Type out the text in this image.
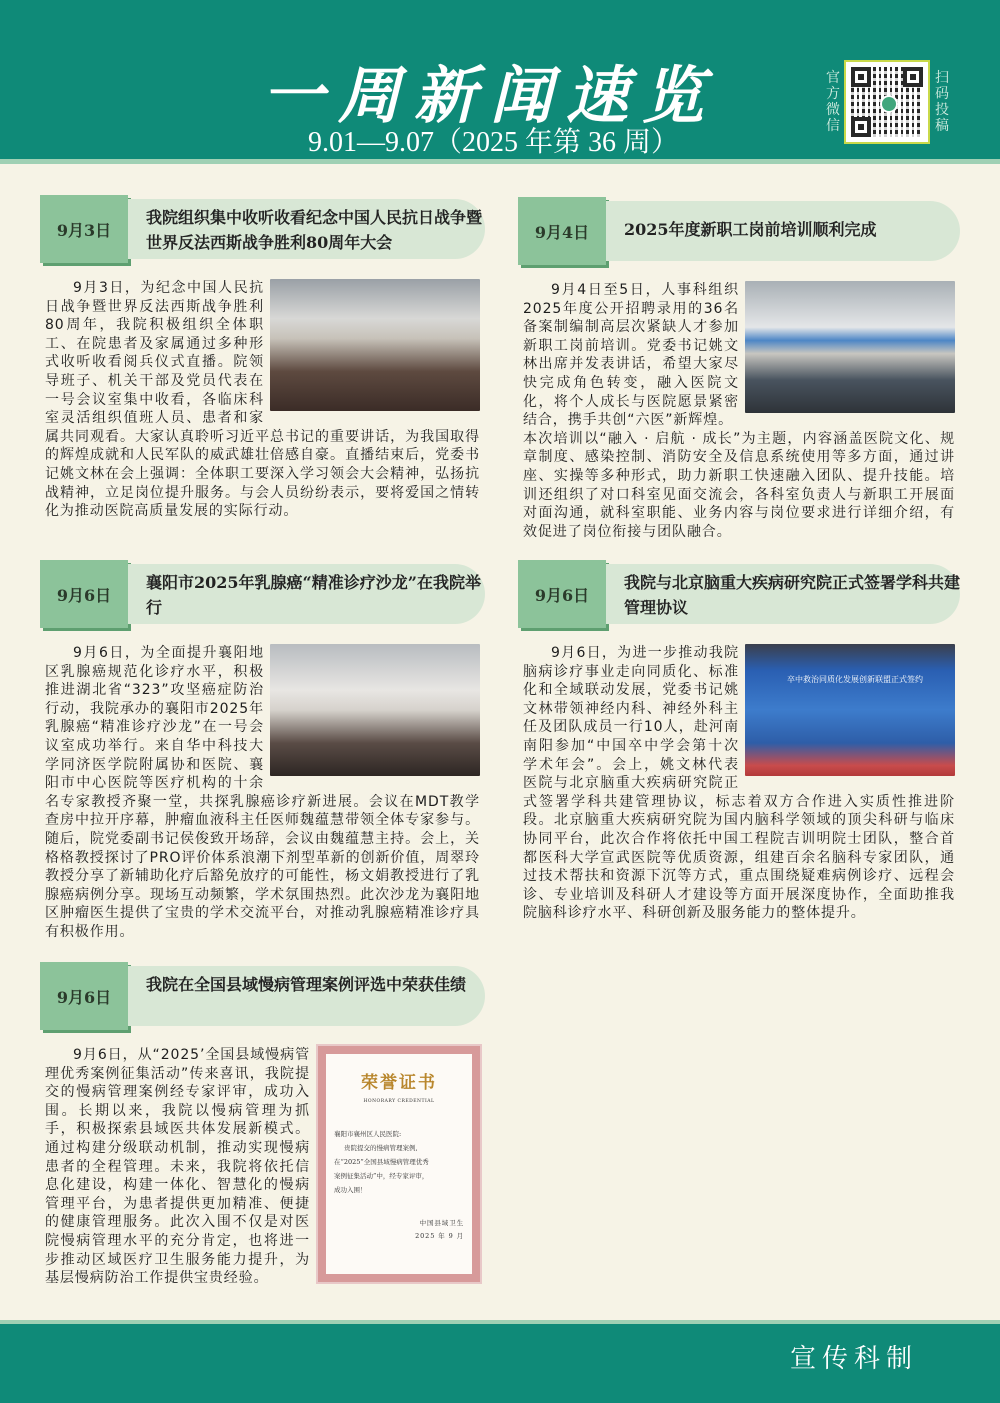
一周新闻速览
9.01—9.07（2025 年第 36 周）
官方微信
扫码投稿
9月3日
我院组织集中收听收看纪念中国人民抗日战争暨世界反法西斯战争胜利80周年大会

9月3日，为纪念中国人民抗日战争暨世界反法西斯战争胜利80周年，我院积极组织全体职工、在院患者及家属通过多种形式收听收看阅兵仪式直播。院领导班子、机关干部及党员代表在一号会议室集中收看，各临床科室灵活组织值班人员、患者和家属共同观看。大家认真聆听习近平总书记的重要讲话，为我国取得的辉煌成就和人民军队的威武雄壮倍感自豪。直播结束后，党委书记姚文林在会上强调：全体职工要深入学习领会大会精神，弘扬抗战精神，立足岗位提升服务。与会人员纷纷表示，要将爱国之情转化为推动医院高质量发展的实际行动。

9月4日	2025年度新职工岗前培训顺利完成

9月4日至5日，人事科组织2025年度公开招聘录用的36名备案制编制高层次紧缺人才参加新职工岗前培训。党委书记姚文林出席并发表讲话，希望大家尽快完成角色转变，融入医院文化，将个人成长与医院愿景紧密结合，携手共创“六医”新辉煌。

本次培训以“融入 · 启航 · 成长”为主题，内容涵盖医院文化、规章制度、感染控制、消防安全及信息系统使用等多方面，通过讲座、实操等多种形式，助力新职工快速融入团队、提升技能。培训还组织了对口科室见面交流会，各科室负责人与新职工开展面对面沟通，就科室职能、业务内容与岗位要求进行详细介绍，有效促进了岗位衔接与团队融合。

9月6日
襄阳市2025年乳腺癌“精准诊疗沙龙”在我院举行

9月6日，为全面提升襄阳地区乳腺癌规范化诊疗水平，积极推进湖北省“323”攻坚癌症防治行动，我院承办的襄阳市2025年乳腺癌“精准诊疗沙龙”在一号会议室成功举行。来自华中科技大学同济医学院附属协和医院、襄阳市中心医院等医疗机构的十余名专家教授齐聚一堂，共探乳腺癌诊疗新进展。会议在MDT教学查房中拉开序幕，肿瘤血液科主任医师魏蕴慧带领全体专家参与。随后，院党委副书记侯俊致开场辞，会议由魏蕴慧主持。会上，关格格教授探讨了PRO评价体系浪潮下剂型革新的创新价值，周翠玲教授分享了新辅助化疗后豁免放疗的可能性，杨文娟教授进行了乳腺癌病例分享。现场互动频繁，学术氛围热烈。此次沙龙为襄阳地区肿瘤医生提供了宝贵的学术交流平台，对推动乳腺癌精准诊疗具有积极作用。

9月6日
我院与北京脑重大疾病研究院正式签署学科共建管理协议
卒中救治同质化发展创新联盟正式签约

9月6日，为进一步推动我院脑病诊疗事业走向同质化、标准化和全域联动发展，党委书记姚文林带领神经内科、神经外科主任及团队成员一行10人，赴河南南阳参加“中国卒中学会第十次学术年会”。会上，姚文林代表医院与北京脑重大疾病研究院正式签署学科共建管理协议，标志着双方合作进入实质性推进阶段。北京脑重大疾病研究院为国内脑科学领域的顶尖科研与临床协同平台，此次合作将依托中国工程院吉训明院士团队，整合首都医科大学宣武医院等优质资源，组建百余名脑科专家团队，通过技术帮扶和资源下沉等方式，重点围绕疑难病例诊疗、远程会诊、专业培训及科研人才建设等方面开展深度协作，全面助推我院脑科诊疗水平、科研创新及服务能力的整体提升。

9月6日
我院在全国县域慢病管理案例评选中荣获佳绩
荣誉证书
HONORARY CREDENTIAL
襄阳市襄州区人民医院:
贵院提交的慢病管理案例,
在“2025”全国县域慢病管理优秀
案例征集活动”中，经专家评审，
成功入围！
中国县域卫生
2025 年 9 月

9月6日，从“2025’全国县域慢病管理优秀案例征集活动”传来喜讯，我院提交的慢病管理案例经专家评审，成功入围。长期以来，我院以慢病管理为抓手，积极探索县域医共体发展新模式。通过构建分级联动机制，推动实现慢病患者的全程管理。未来，我院将依托信息化建设，构建一体化、智慧化的慢病管理平台，为患者提供更加精准、便捷的健康管理服务。此次入围不仅是对医院慢病管理水平的充分肯定，也将进一步推动区域医疗卫生服务能力提升，为基层慢病防治工作提供宝贵经验。

宣传科制
